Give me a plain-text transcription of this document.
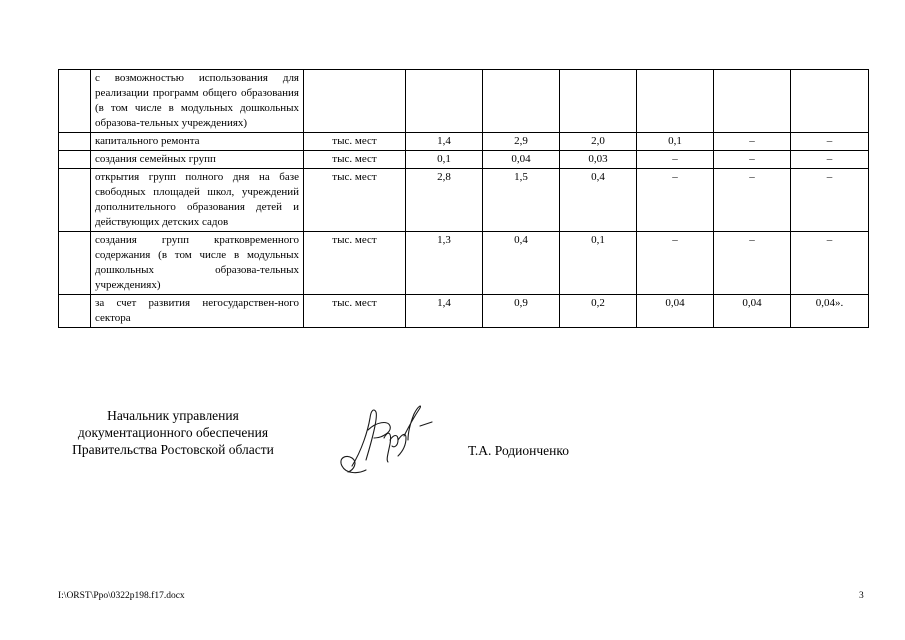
	с возможностью использования для реализации программ общего образования (в том числе в модульных дошкольных образова-тельных учреждениях)							
	капитального ремонта	тыс. мест	1,4	2,9	2,0	0,1	–	–
	создания семейных групп	тыс. мест	0,1	0,04	0,03	–	–	–
	открытия групп полного дня на базе свободных площадей школ, учреждений дополнительного образования детей и действующих детских садов	тыс. мест	2,8	1,5	0,4	–	–	–
	создания групп кратковременного содержания (в том числе в модульных дошкольных образова-тельных учреждениях)	тыс. мест	1,3	0,4	0,1	–	–	–
	за счет развития негосударствен-ного сектора	тыс. мест	1,4	0,9	0,2	0,04	0,04	0,04».
Начальник управления
документационного обеспечения
Правительства Ростовской области	Т.А. Родионченко
I:\ORST\Ppo\0322p198.f17.docx	3
